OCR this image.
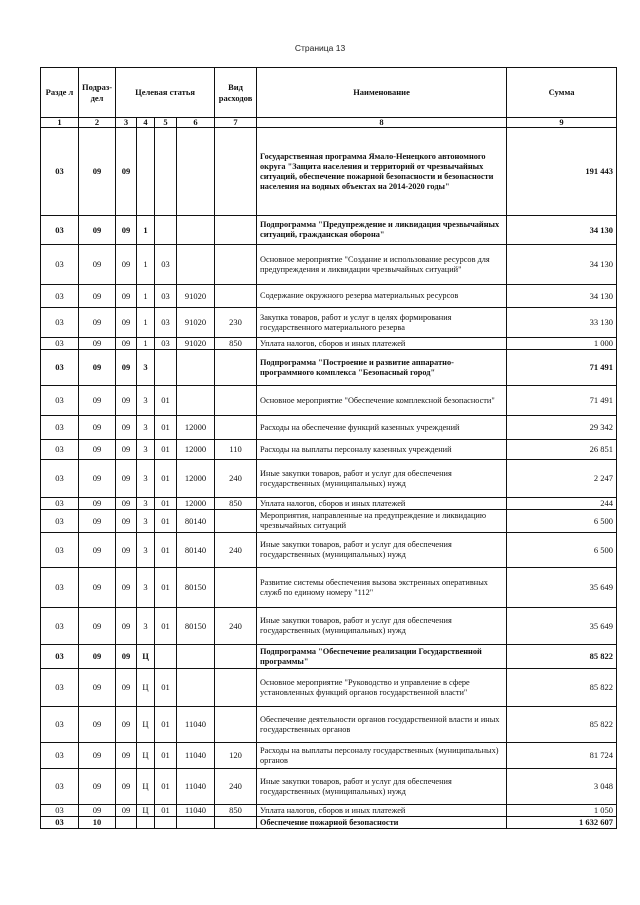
Страница 13
Разде л	Подраз-дел	Целевая статья				Вид расходов	Наименование	Сумма
1	2	3	4	5	6	7	8	9
03	09	09					Государственная программа Ямало-Ненецкого автономного округа "Защита населения и территорий от чрезвычайных ситуаций, обеспечение пожарной безопасности и безопасности населения на водных объектах на 2014-2020 годы"	191 443
03	09	09	1				Подпрограмма "Предупреждение и ликвидация чрезвычайных ситуаций, гражданская оборона"	34 130
03	09	09	1	03			Основное мероприятие "Создание и использование ресурсов для предупреждения и ликвидации чрезвычайных ситуаций"	34 130
03	09	09	1	03	91020		Содержание окружного резерва материальных ресурсов	34 130
03	09	09	1	03	91020	230	Закупка товаров, работ и услуг в целях формирования государственного материального резерва	33 130
03	09	09	1	03	91020	850	Уплата налогов, сборов и иных платежей	1 000
03	09	09	3				Подпрограмма "Построение и развитие аппаратно-программного комплекса "Безопасный город"	71 491
03	09	09	3	01			Основное мероприятие "Обеспечение комплексной безопасности"	71 491
03	09	09	3	01	12000		Расходы на обеспечение функций казенных учреждений	29 342
03	09	09	3	01	12000	110	Расходы на выплаты персоналу казенных учреждений	26 851
03	09	09	3	01	12000	240	Иные закупки товаров, работ и услуг для обеспечения государственных (муниципальных) нужд	2 247
03	09	09	3	01	12000	850	Уплата налогов, сборов и иных платежей	244
03	09	09	3	01	80140		Мероприятия, направленные на предупреждение и ликвидацию чрезвычайных ситуаций	6 500
03	09	09	3	01	80140	240	Иные закупки товаров, работ и услуг для обеспечения государственных (муниципальных) нужд	6 500
03	09	09	3	01	80150		Развитие системы обеспечения вызова экстренных оперативных служб по единому номеру "112"	35 649
03	09	09	3	01	80150	240	Иные закупки товаров, работ и услуг для обеспечения государственных (муниципальных) нужд	35 649
03	09	09	Ц				Подпрограмма "Обеспечение реализации Государственной программы"	85 822
03	09	09	Ц	01			Основное мероприятие "Руководство и управление в сфере установленных функций органов государственной власти"	85 822
03	09	09	Ц	01	11040		Обеспечение деятельности органов государственной власти и иных государственных органов	85 822
03	09	09	Ц	01	11040	120	Расходы на выплаты персоналу государственных (муниципальных) органов	81 724
03	09	09	Ц	01	11040	240	Иные закупки товаров, работ и услуг для обеспечения государственных (муниципальных) нужд	3 048
03	09	09	Ц	01	11040	850	Уплата налогов, сборов и иных платежей	1 050
03	10						Обеспечение пожарной безопасности	1 632 607
